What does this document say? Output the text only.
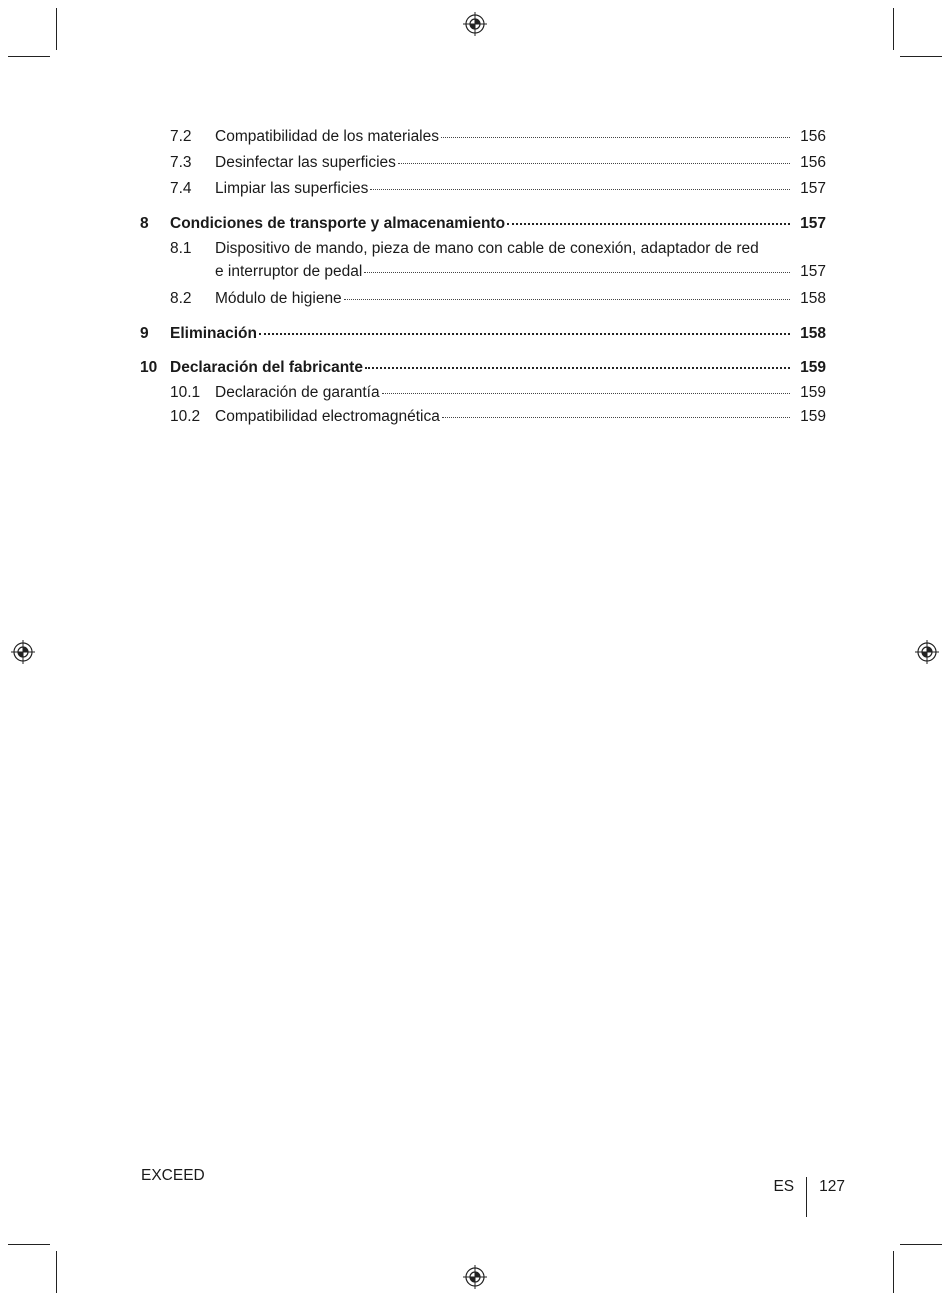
7.2	Compatibilidad de los materiales	156
7.3	Desinfectar las superficies	156
7.4	Limpiar las superficies	157
8	Condiciones de transporte y almacenamiento	157
8.1	Dispositivo de mando, pieza de mano con cable de conexión, adaptador de red
e interruptor de pedal	157
8.2	Módulo de higiene	158
9	Eliminación	158
10 Declaración del fabricante	159
10.1 Declaración de garantía	159
10.2 Compatibilidad electromagnética	159
EXCEED
ES 127
